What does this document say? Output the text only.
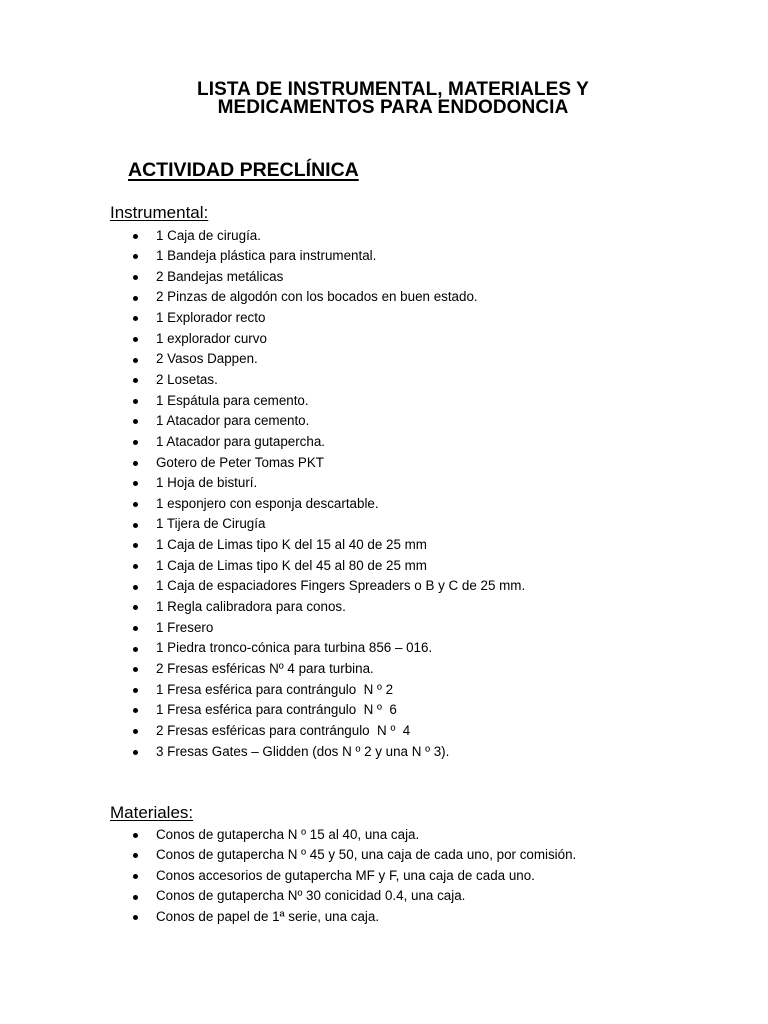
LISTA DE INSTRUMENTAL, MATERIALES Y
MEDICAMENTOS PARA ENDODONCIA
ACTIVIDAD PRECLÍNICA
Instrumental:
1 Caja de cirugía.
1 Bandeja plástica para instrumental.
2 Bandejas metálicas
2 Pinzas de algodón con los bocados en buen estado.
1 Explorador recto
1 explorador curvo
2 Vasos Dappen.
2 Losetas.
1 Espátula para cemento.
1 Atacador para cemento.
1 Atacador para gutapercha.
Gotero de Peter Tomas PKT
1 Hoja de bisturí.
1 esponjero con esponja descartable.
1 Tijera de Cirugía
1 Caja de Limas tipo K del 15 al 40 de 25 mm
1 Caja de Limas tipo K del 45 al 80 de 25 mm
1 Caja de espaciadores Fingers Spreaders o B y C de 25 mm.
1 Regla calibradora para conos.
1 Fresero
1 Piedra tronco-cónica para turbina 856 – 016.
2 Fresas esféricas Nº 4 para turbina.
1 Fresa esférica para contrángulo  N º 2
1 Fresa esférica para contrángulo  N º  6
2 Fresas esféricas para contrángulo  N º  4
3 Fresas Gates – Glidden (dos N º 2 y una N º 3).
Materiales:
Conos de gutapercha N º 15 al 40, una caja.
Conos de gutapercha N º 45 y 50, una caja de cada uno, por comisión.
Conos accesorios de gutapercha MF y F, una caja de cada uno.
Conos de gutapercha Nº 30 conicidad 0.4, una caja.
Conos de papel de 1ª serie, una caja.
